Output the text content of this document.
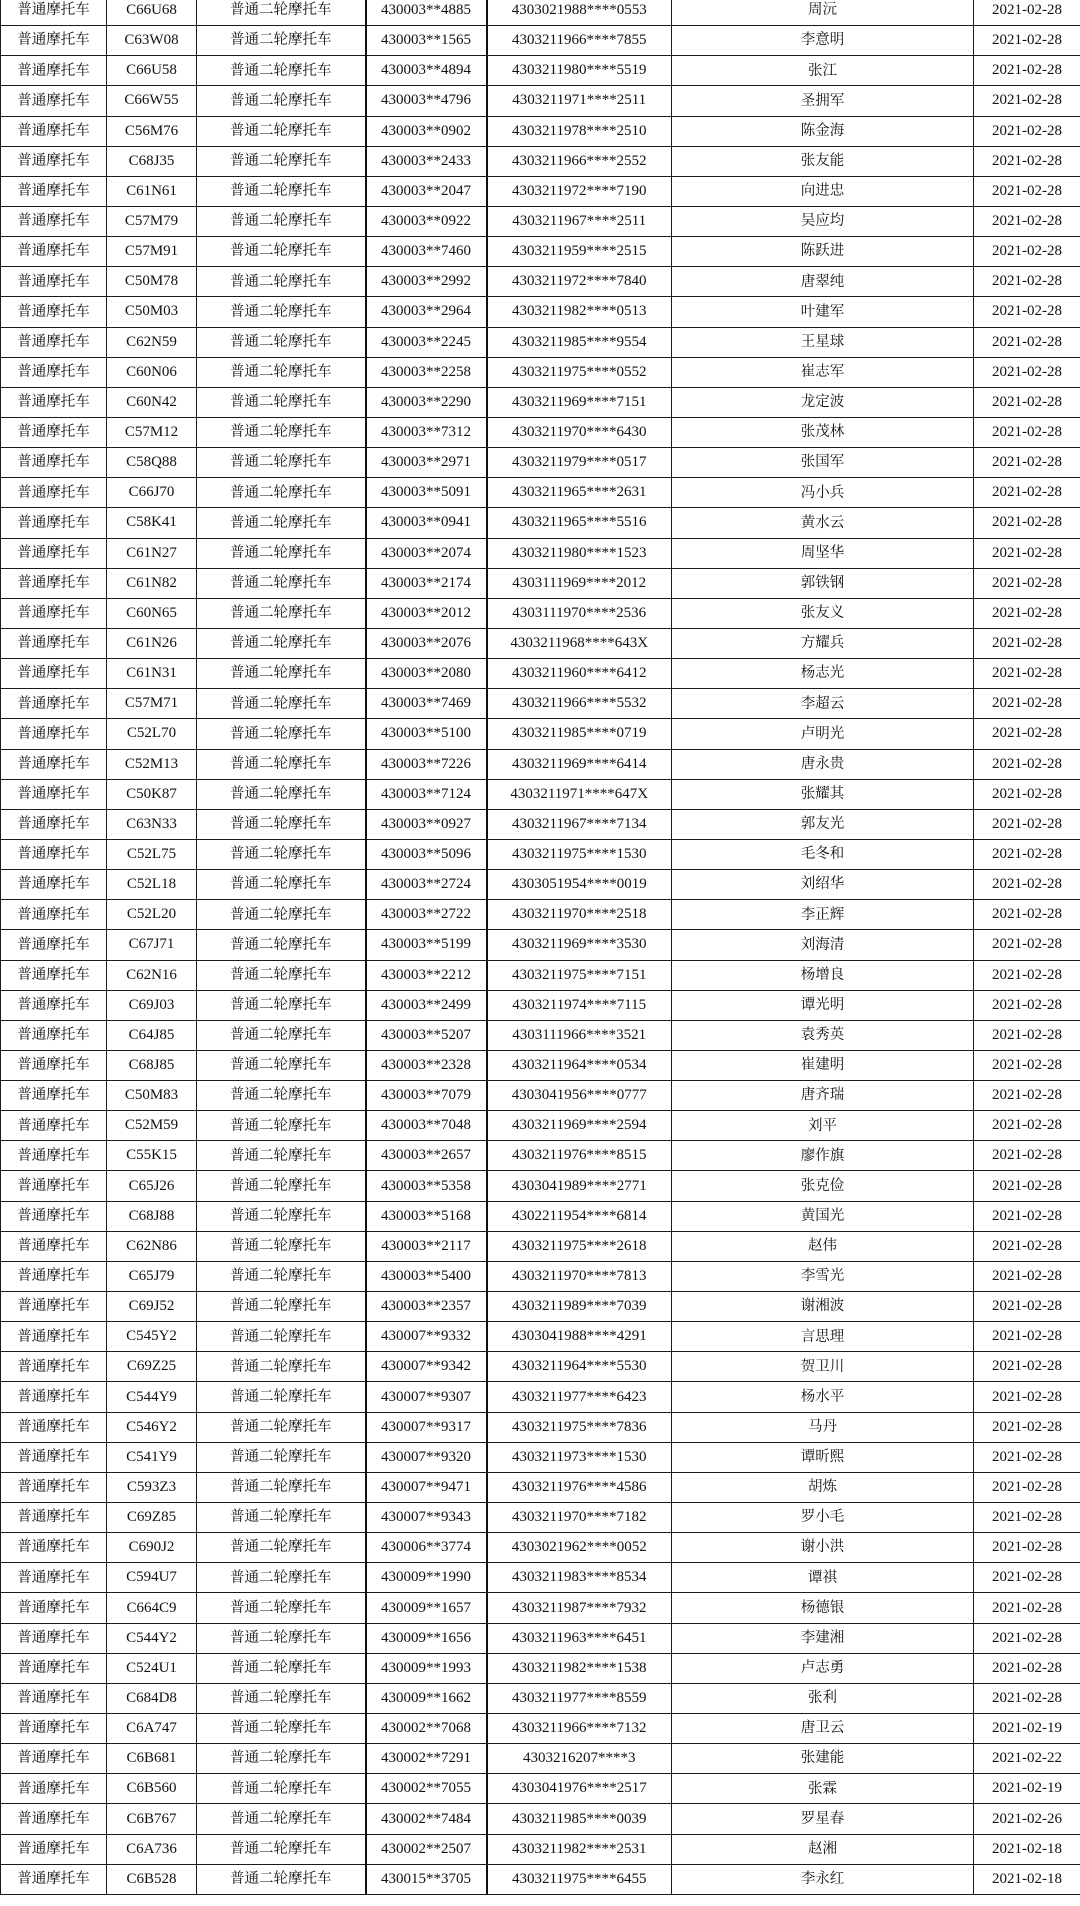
普通摩托车	C66U68	普通二轮摩托车	430003**4885	4303021988****0553	周沅	2021-02-28
普通摩托车	C63W08	普通二轮摩托车	430003**1565	4303211966****7855	李意明	2021-02-28
普通摩托车	C66U58	普通二轮摩托车	430003**4894	4303211980****5519	张江	2021-02-28
普通摩托车	C66W55	普通二轮摩托车	430003**4796	4303211971****2511	圣拥军	2021-02-28
普通摩托车	C56M76	普通二轮摩托车	430003**0902	4303211978****2510	陈金海	2021-02-28
普通摩托车	C68J35	普通二轮摩托车	430003**2433	4303211966****2552	张友能	2021-02-28
普通摩托车	C61N61	普通二轮摩托车	430003**2047	4303211972****7190	向进忠	2021-02-28
普通摩托车	C57M79	普通二轮摩托车	430003**0922	4303211967****2511	吴应均	2021-02-28
普通摩托车	C57M91	普通二轮摩托车	430003**7460	4303211959****2515	陈跃进	2021-02-28
普通摩托车	C50M78	普通二轮摩托车	430003**2992	4303211972****7840	唐翠纯	2021-02-28
普通摩托车	C50M03	普通二轮摩托车	430003**2964	4303211982****0513	叶建军	2021-02-28
普通摩托车	C62N59	普通二轮摩托车	430003**2245	4303211985****9554	王星球	2021-02-28
普通摩托车	C60N06	普通二轮摩托车	430003**2258	4303211975****0552	崔志军	2021-02-28
普通摩托车	C60N42	普通二轮摩托车	430003**2290	4303211969****7151	龙定波	2021-02-28
普通摩托车	C57M12	普通二轮摩托车	430003**7312	4303211970****6430	张茂林	2021-02-28
普通摩托车	C58Q88	普通二轮摩托车	430003**2971	4303211979****0517	张国军	2021-02-28
普通摩托车	C66J70	普通二轮摩托车	430003**5091	4303211965****2631	冯小兵	2021-02-28
普通摩托车	C58K41	普通二轮摩托车	430003**0941	4303211965****5516	黄水云	2021-02-28
普通摩托车	C61N27	普通二轮摩托车	430003**2074	4303211980****1523	周坚华	2021-02-28
普通摩托车	C61N82	普通二轮摩托车	430003**2174	4303111969****2012	郭铁钢	2021-02-28
普通摩托车	C60N65	普通二轮摩托车	430003**2012	4303111970****2536	张友义	2021-02-28
普通摩托车	C61N26	普通二轮摩托车	430003**2076	4303211968****643X	方耀兵	2021-02-28
普通摩托车	C61N31	普通二轮摩托车	430003**2080	4303211960****6412	杨志光	2021-02-28
普通摩托车	C57M71	普通二轮摩托车	430003**7469	4303211966****5532	李超云	2021-02-28
普通摩托车	C52L70	普通二轮摩托车	430003**5100	4303211985****0719	卢明光	2021-02-28
普通摩托车	C52M13	普通二轮摩托车	430003**7226	4303211969****6414	唐永贵	2021-02-28
普通摩托车	C50K87	普通二轮摩托车	430003**7124	4303211971****647X	张耀其	2021-02-28
普通摩托车	C63N33	普通二轮摩托车	430003**0927	4303211967****7134	郭友光	2021-02-28
普通摩托车	C52L75	普通二轮摩托车	430003**5096	4303211975****1530	毛冬和	2021-02-28
普通摩托车	C52L18	普通二轮摩托车	430003**2724	4303051954****0019	刘绍华	2021-02-28
普通摩托车	C52L20	普通二轮摩托车	430003**2722	4303211970****2518	李正辉	2021-02-28
普通摩托车	C67J71	普通二轮摩托车	430003**5199	4303211969****3530	刘海清	2021-02-28
普通摩托车	C62N16	普通二轮摩托车	430003**2212	4303211975****7151	杨增良	2021-02-28
普通摩托车	C69J03	普通二轮摩托车	430003**2499	4303211974****7115	谭光明	2021-02-28
普通摩托车	C64J85	普通二轮摩托车	430003**5207	4303111966****3521	袁秀英	2021-02-28
普通摩托车	C68J85	普通二轮摩托车	430003**2328	4303211964****0534	崔建明	2021-02-28
普通摩托车	C50M83	普通二轮摩托车	430003**7079	4303041956****0777	唐齐瑞	2021-02-28
普通摩托车	C52M59	普通二轮摩托车	430003**7048	4303211969****2594	刘平	2021-02-28
普通摩托车	C55K15	普通二轮摩托车	430003**2657	4303211976****8515	廖作旗	2021-02-28
普通摩托车	C65J26	普通二轮摩托车	430003**5358	4303041989****2771	张克俭	2021-02-28
普通摩托车	C68J88	普通二轮摩托车	430003**5168	4302211954****6814	黄国光	2021-02-28
普通摩托车	C62N86	普通二轮摩托车	430003**2117	4303211975****2618	赵伟	2021-02-28
普通摩托车	C65J79	普通二轮摩托车	430003**5400	4303211970****7813	李雪光	2021-02-28
普通摩托车	C69J52	普通二轮摩托车	430003**2357	4303211989****7039	谢湘波	2021-02-28
普通摩托车	C545Y2	普通二轮摩托车	430007**9332	4303041988****4291	言思理	2021-02-28
普通摩托车	C69Z25	普通二轮摩托车	430007**9342	4303211964****5530	贺卫川	2021-02-28
普通摩托车	C544Y9	普通二轮摩托车	430007**9307	4303211977****6423	杨水平	2021-02-28
普通摩托车	C546Y2	普通二轮摩托车	430007**9317	4303211975****7836	马丹	2021-02-28
普通摩托车	C541Y9	普通二轮摩托车	430007**9320	4303211973****1530	谭昕熙	2021-02-28
普通摩托车	C593Z3	普通二轮摩托车	430007**9471	4303211976****4586	胡炼	2021-02-28
普通摩托车	C69Z85	普通二轮摩托车	430007**9343	4303211970****7182	罗小毛	2021-02-28
普通摩托车	C690J2	普通二轮摩托车	430006**3774	4303021962****0052	谢小洪	2021-02-28
普通摩托车	C594U7	普通二轮摩托车	430009**1990	4303211983****8534	谭祺	2021-02-28
普通摩托车	C664C9	普通二轮摩托车	430009**1657	4303211987****7932	杨德银	2021-02-28
普通摩托车	C544Y2	普通二轮摩托车	430009**1656	4303211963****6451	李建湘	2021-02-28
普通摩托车	C524U1	普通二轮摩托车	430009**1993	4303211982****1538	卢志勇	2021-02-28
普通摩托车	C684D8	普通二轮摩托车	430009**1662	4303211977****8559	张利	2021-02-28
普通摩托车	C6A747	普通二轮摩托车	430002**7068	4303211966****7132	唐卫云	2021-02-19
普通摩托车	C6B681	普通二轮摩托车	430002**7291	4303216207****3	张建能	2021-02-22
普通摩托车	C6B560	普通二轮摩托车	430002**7055	4303041976****2517	张霖	2021-02-19
普通摩托车	C6B767	普通二轮摩托车	430002**7484	4303211985****0039	罗星春	2021-02-26
普通摩托车	C6A736	普通二轮摩托车	430002**2507	4303211982****2531	赵湘	2021-02-18
普通摩托车	C6B528	普通二轮摩托车	430015**3705	4303211975****6455	李永红	2021-02-18
